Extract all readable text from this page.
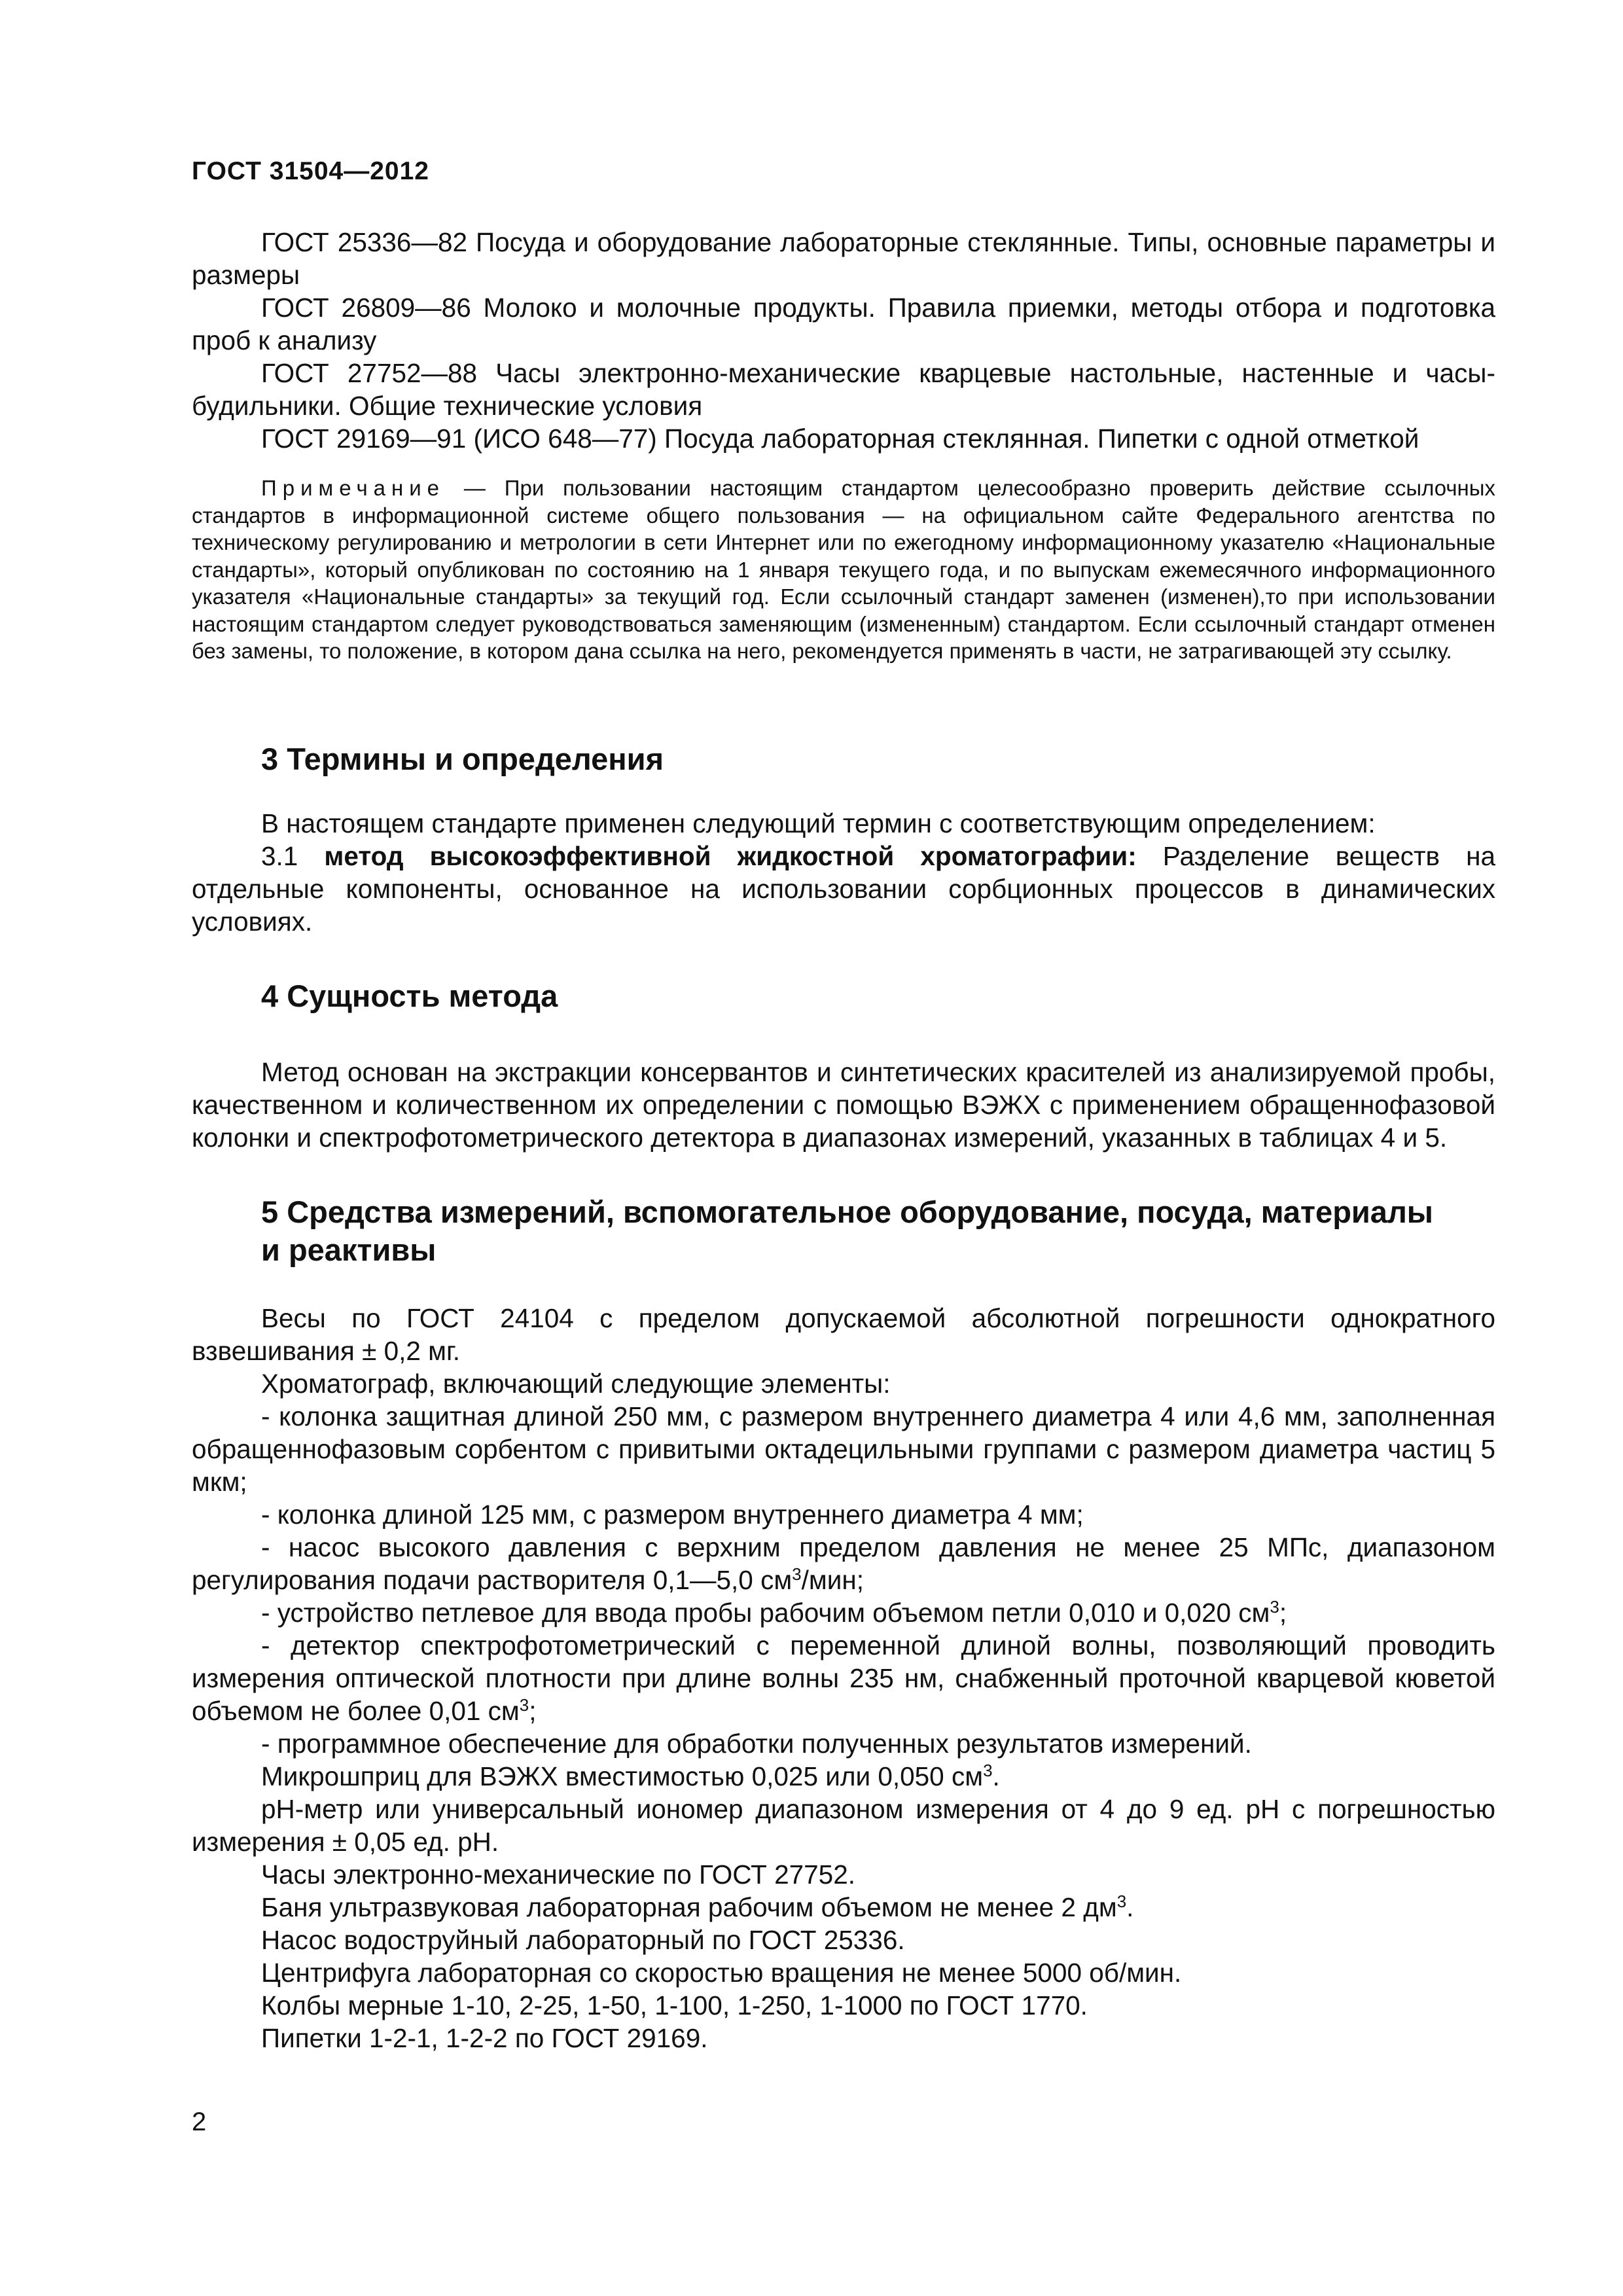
ГОСТ 31504—2012

ГОСТ 25336—82 Посуда и оборудование лабораторные стеклянные. Типы, основные параметры и размеры

ГОСТ 26809—86 Молоко и молочные продукты. Правила приемки, методы отбора и подготовка проб к анализу

ГОСТ 27752—88 Часы электронно-механические кварцевые настольные, настенные и часы-будильники. Общие технические условия

ГОСТ 29169—91 (ИСО 648—77) Посуда лабораторная стеклянная. Пипетки с одной отметкой

Примечание — При пользовании настоящим стандартом целесообразно проверить действие ссылочных стандартов в информационной системе общего пользования — на официальном сайте Федерального агентства по техническому регулированию и метрологии в сети Интернет или по ежегодному информационному указателю «Национальные стандарты», который опубликован по состоянию на 1 января текущего года, и по выпускам ежемесячного информационного указателя «Национальные стандарты» за текущий год. Если ссылочный стандарт заменен (изменен),то при использовании настоящим стандартом следует руководствоваться заменяющим (измененным) стандартом. Если ссылочный стандарт отменен без замены, то положение, в котором дана ссылка на него, рекомендуется применять в части, не затрагивающей эту ссылку.

3 Термины и определения

В настоящем стандарте применен следующий термин с соответствующим определением:

3.1 метод высокоэффективной жидкостной хроматографии: Разделение веществ на отдельные компоненты, основанное на использовании сорбционных процессов в динамических условиях.

4 Сущность метода

Метод основан на экстракции консервантов и синтетических красителей из анализируемой пробы, качественном и количественном их определении с помощью ВЭЖХ с применением обращеннофазовой колонки и спектрофотометрического детектора в диапазонах измерений, указанных в таблицах 4 и 5.

5 Средства измерений, вспомогательное оборудование, посуда, материалы
и реактивы

Весы по ГОСТ 24104 с пределом допускаемой абсолютной погрешности однократного взвешивания ± 0,2 мг.

Хроматограф, включающий следующие элементы:

- колонка защитная длиной 250 мм, с размером внутреннего диаметра 4 или 4,6 мм, заполненная обращеннофазовым сорбентом с привитыми октадецильными группами с размером диаметра частиц 5 мкм;

- колонка длиной 125 мм, с размером внутреннего диаметра 4 мм;

- насос высокого давления с верхним пределом давления не менее 25 МПс, диапазоном регулирования подачи растворителя 0,1—5,0 $см^3$/мин;

- устройство петлевое для ввода пробы рабочим объемом петли 0,010 и 0,020 $см^3$;

- детектор спектрофотометрический с переменной длиной волны, позволяющий проводить измерения оптической плотности при длине волны 235 нм, снабженный проточной кварцевой кюветой объемом не более 0,01 $см^3$;

- программное обеспечение для обработки полученных результатов измерений.

Микрошприц для ВЭЖХ вместимостью 0,025 или 0,050 $см^3$.

pH-метр или универсальный иономер диапазоном измерения от 4 до 9 ед. pH с погрешностью измерения ± 0,05 ед. pH.

Часы электронно-механические по ГОСТ 27752.

Баня ультразвуковая лабораторная рабочим объемом не менее 2 $дм^3$.

Насос водоструйный лабораторный по ГОСТ 25336.

Центрифуга лабораторная со скоростью вращения не менее 5000 об/мин.

Колбы мерные 1-10, 2-25, 1-50, 1-100, 1-250, 1-1000 по ГОСТ 1770.

Пипетки 1-2-1, 1-2-2 по ГОСТ 29169.

2
